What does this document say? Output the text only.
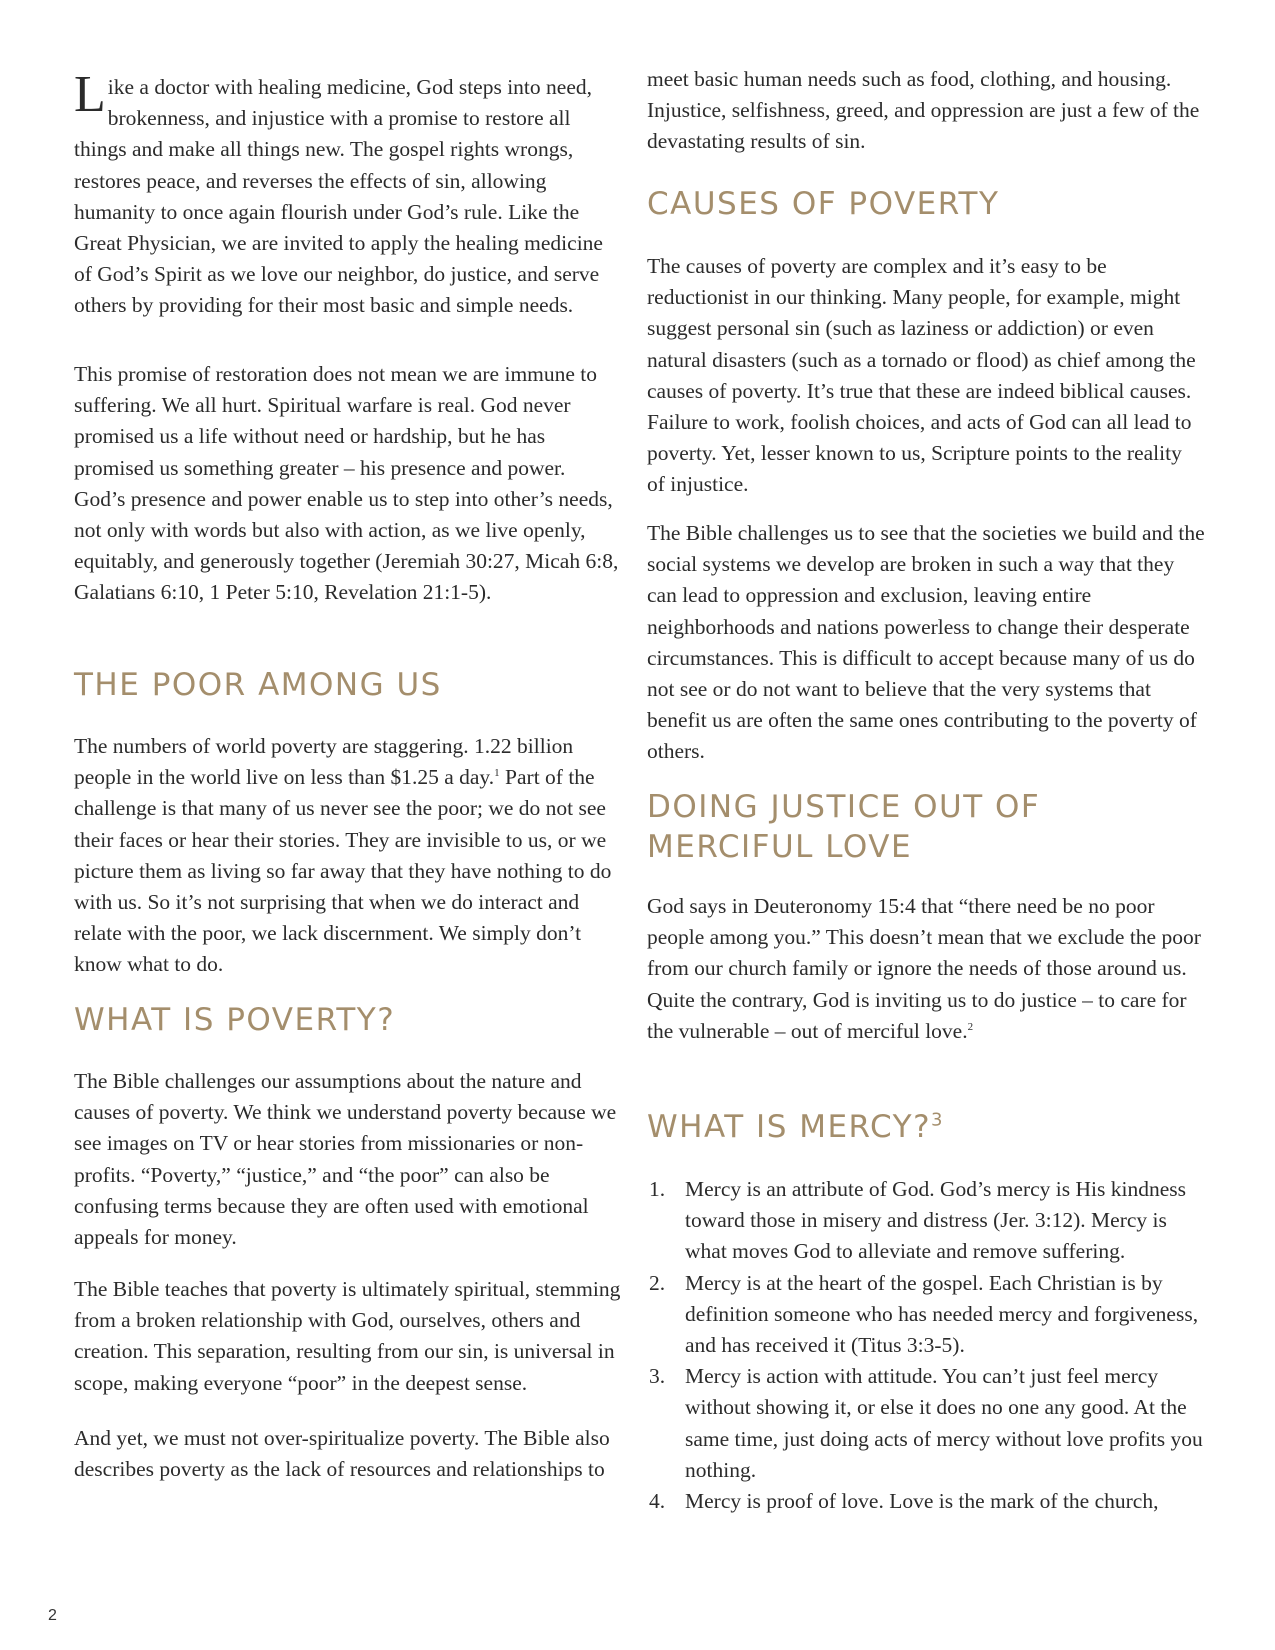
Like a doctor with healing medicine, God steps into need, brokenness, and injustice with a promise to restore all things and make all things new. The gospel rights wrongs, restores peace, and reverses the effects of sin, allowing humanity to once again flourish under God’s rule. Like the Great Physician, we are invited to apply the healing medicine of God’s Spirit as we love our neighbor, do justice, and serve others by providing for their most basic and simple needs.

This promise of restoration does not mean we are immune to suffering. We all hurt. Spiritual warfare is real. God never promised us a life without need or hardship, but he has promised us something greater – his presence and power. God’s presence and power enable us to step into other’s needs, not only with words but also with action, as we live openly, equitably, and generously together (Jeremiah 30:27, Micah 6:8, Galatians 6:10, 1 Peter 5:10, Revelation 21:1-5).

THE POOR AMONG US

The numbers of world poverty are staggering. 1.22 billion people in the world live on less than $1.25 a day.$^1$ Part of the challenge is that many of us never see the poor; we do not see their faces or hear their stories. They are invisible to us, or we picture them as living so far away that they have nothing to do with us. So it’s not surprising that when we do interact and relate with the poor, we lack discernment. We simply don’t know what to do.

WHAT IS POVERTY?

The Bible challenges our assumptions about the nature and causes of poverty. We think we understand poverty because we see images on TV or hear stories from missionaries or non-profits. “Poverty,” “justice,” and “the poor” can also be confusing terms because they are often used with emotional appeals for money.

The Bible teaches that poverty is ultimately spiritual, stemming from a broken relationship with God, ourselves, others and creation. This separation, resulting from our sin, is universal in scope, making everyone “poor” in the deepest sense.

And yet, we must not over-spiritualize poverty. The Bible also describes poverty as the lack of resources and relationships to

meet basic human needs such as food, clothing, and housing. Injustice, selfishness, greed, and oppression are just a few of the devastating results of sin.

CAUSES OF POVERTY

The causes of poverty are complex and it’s easy to be reductionist in our thinking. Many people, for example, might suggest personal sin (such as laziness or addiction) or even natural disasters (such as a tornado or flood) as chief among the causes of poverty. It’s true that these are indeed biblical causes. Failure to work, foolish choices, and acts of God can all lead to poverty. Yet, lesser known to us, Scripture points to the reality of injustice.

The Bible challenges us to see that the societies we build and the social systems we develop are broken in such a way that they can lead to oppression and exclusion, leaving entire neighborhoods and nations powerless to change their desperate circumstances. This is difficult to accept because many of us do not see or do not want to believe that the very systems that benefit us are often the same ones contributing to the poverty of others.

DOING JUSTICE OUT OF
MERCIFUL LOVE

God says in Deuteronomy 15:4 that “there need be no poor people among you.” This doesn’t mean that we exclude the poor from our church family or ignore the needs of those around us. Quite the contrary, God is inviting us to do justice – to care for the vulnerable – out of merciful love.$^2$

WHAT IS MERCY?$^3$
1. Mercy is an attribute of God. God’s mercy is His kindness toward those in misery and distress (Jer. 3:12). Mercy is what moves God to alleviate and remove suffering.
2. Mercy is at the heart of the gospel. Each Christian is by definition someone who has needed mercy and forgiveness, and has received it (Titus 3:3-5).
3. Mercy is action with attitude. You can’t just feel mercy without showing it, or else it does no one any good. At the same time, just doing acts of mercy without love profits you nothing.
4. Mercy is proof of love. Love is the mark of the church,
2
